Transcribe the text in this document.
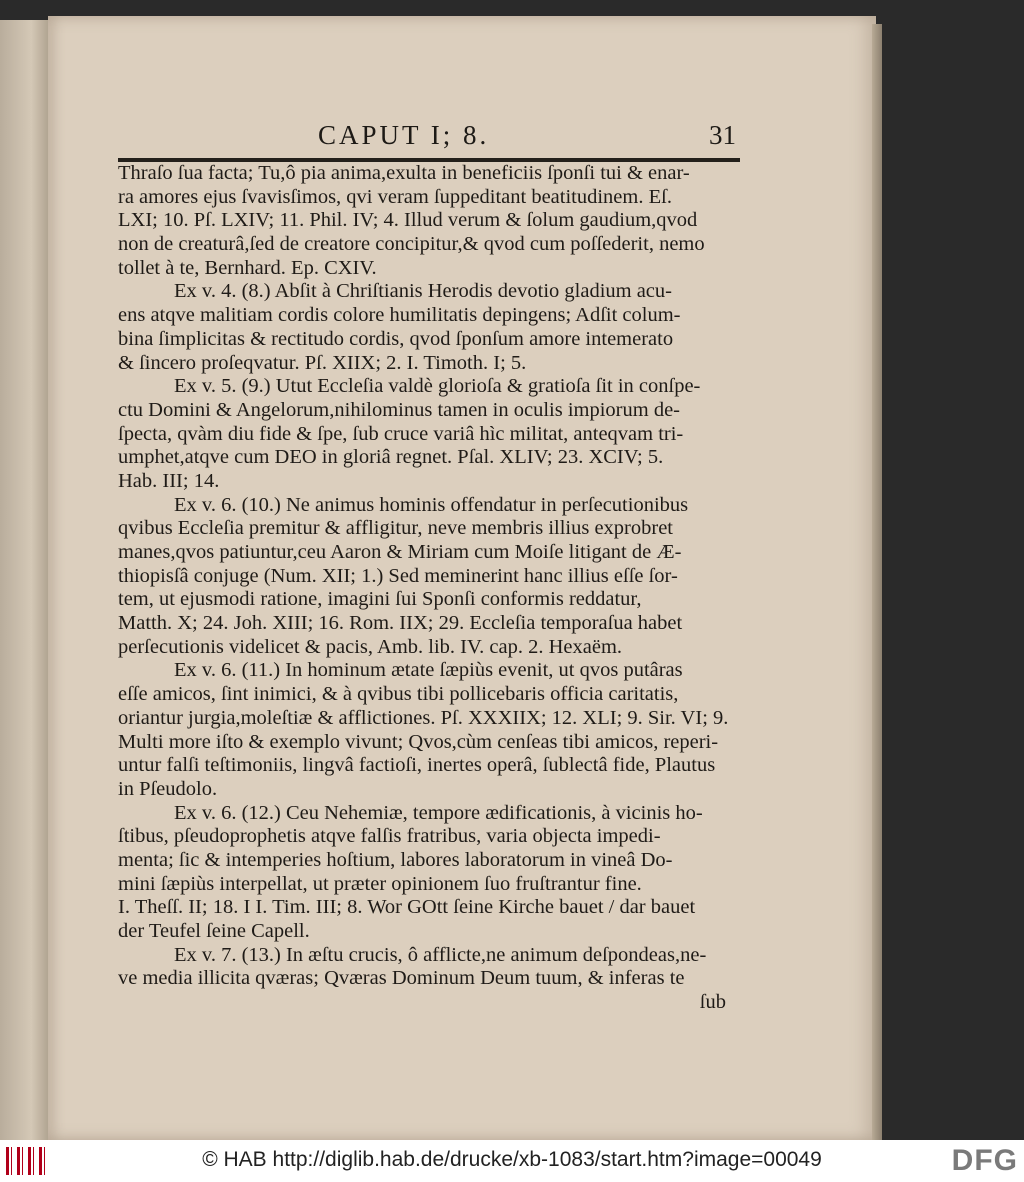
CAPUT I; 8.	31
Thraſo ſua facta; Tu,ô pia anima,exulta in beneficiis ſponſi tui & enar-
ra amores ejus ſvavisſimos, qvi veram ſuppeditant beatitudinem. Eſ.
LXI; 10. Pſ. LXIV; 11. Phil. IV; 4. Illud verum & ſolum gaudium,qvod
non de creaturâ,ſed de creatore concipitur,& qvod cum poſſederit, nemo
tollet à te, Bernhard. Ep. CXIV.
Ex v. 4. (8.) Abſit à Chriſtianis Herodis devotio gladium acu-
ens atqve malitiam cordis colore humilitatis depingens; Adſit colum-
bina ſimplicitas & rectitudo cordis, qvod ſponſum amore intemerato
& ſincero proſeqvatur. Pſ. XIIX; 2. I. Timoth. I; 5.
Ex v. 5. (9.) Utut Eccleſia valdè glorioſa & gratioſa ſit in conſpe-
ctu Domini & Angelorum,nihilominus tamen in oculis impiorum de-
ſpecta, qvàm diu fide & ſpe, ſub cruce variâ hìc militat, anteqvam tri-
umphet,atqve cum DEO in gloriâ regnet. Pſal. XLIV; 23. XCIV; 5.
Hab. III; 14.
Ex v. 6. (10.) Ne animus hominis offendatur in perſecutionibus
qvibus Eccleſia premitur & affligitur, neve membris illius exprobret
manes,qvos patiuntur,ceu Aaron & Miriam cum Moiſe litigant de Æ-
thiopisſâ conjuge (Num. XII; 1.) Sed meminerint hanc illius eſſe ſor-
tem, ut ejusmodi ratione, imagini ſui Sponſi conformis reddatur,
Matth. X; 24. Joh. XIII; 16. Rom. IIX; 29. Eccleſia temporaſua habet
perſecutionis videlicet & pacis, Amb. lib. IV. cap. 2. Hexaëm.
Ex v. 6. (11.) In hominum ætate ſæpiùs evenit, ut qvos putâras
eſſe amicos, ſint inimici, & à qvibus tibi pollicebaris officia caritatis,
oriantur jurgia,moleſtiæ & afflictiones. Pſ. XXXIIX; 12. XLI; 9. Sir. VI; 9.
Multi more iſto & exemplo vivunt; Qvos,cùm cenſeas tibi amicos, reperi-
untur falſi teſtimoniis, lingvâ factioſi, inertes operâ, ſublectâ fide, Plautus
in Pſeudolo.
Ex v. 6. (12.) Ceu Nehemiæ, tempore ædificationis, à vicinis ho-
ſtibus, pſeudoprophetis atqve falſis fratribus, varia objecta impedi-
menta; ſic & intemperies hoſtium, labores laboratorum in vineâ Do-
mini ſæpiùs interpellat, ut præter opinionem ſuo fruſtrantur fine.
I. Theſſ. II; 18. I I. Tim. III; 8. Wor GOtt ſeine Kirche bauet / dar bauet
der Teufel ſeine Capell.
Ex v. 7. (13.) In æſtu crucis, ô afflicte,ne animum deſpondeas,ne-
ve media illicita qværas; Qværas Dominum Deum tuum, & inferas te
ſub
© HAB http://diglib.hab.de/drucke/xb-1083/start.htm?image=00049	DFG
